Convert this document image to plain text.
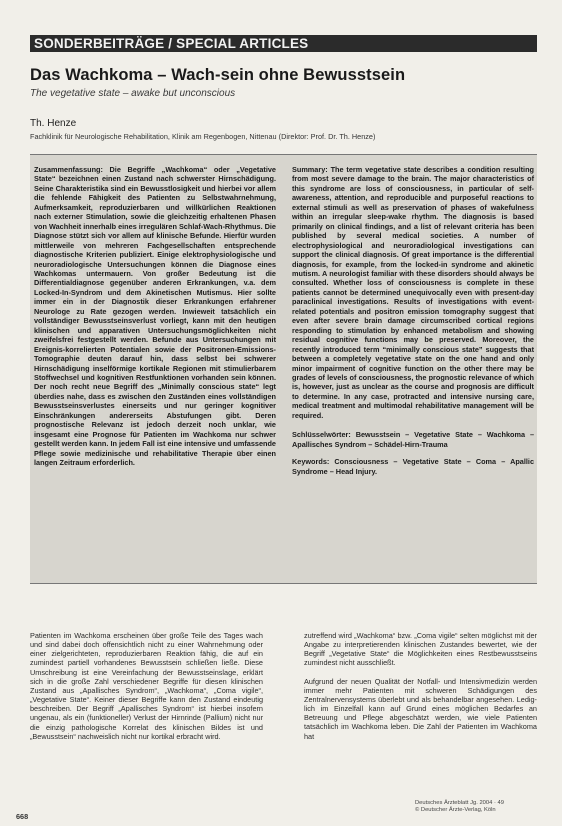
SONDERBEITRÄGE / SPECIAL ARTICLES
Das Wachkoma – Wach-sein ohne Bewusstsein
The vegetative state – awake but unconscious
Th. Henze
Fachklinik für Neurologische Rehabilitation, Klinik am Regenbogen, Nittenau (Direktor: Prof. Dr. Th. Henze)

Zusammenfassung: Die Begriffe „Wachkoma“ oder „Vegetative State“ bezeichnen einen Zustand nach schwerster Hirnschädigung. Seine Charakteristika sind ein Bewusstlosigkeit und hierbei vor allem die fehlende Fähigkeit des Patienten zu Selbstwahrnehmung, Aufmerksamkeit, reproduzierbaren und willkürlichen Reaktionen nach externer Stimulation, sowie die gleichzeitig erhaltenen Phasen von Wachheit innerhalb eines irregulären Schlaf-Wach-Rhythmus. Die Diagnose stützt sich vor allem auf klinische Befunde. Hierfür wurden mittlerweile von mehreren Fachgesellschaften entsprechende diagnostische Kriterien publiziert. Einige elektrophysiologische und neuroradiologische Untersuchungen können die Diagnose eines Wachkomas untermauern. Von großer Bedeutung ist die Differentialdiagnose gegenüber anderen Erkrankungen, v.a. dem Locked-In-Syndrom und dem Akinetischen Mutismus. Hier sollte immer ein in der Diagnostik dieser Erkrankungen erfahrener Neurologe zu Rate gezogen werden. Inwieweit tatsächlich ein vollständiger Bewusstseinsverlust vorliegt, kann mit den heutigen klinischen und apparativen Untersuchungsmöglichkeiten nicht zweifelsfrei festgestellt werden. Befunde aus Untersuchungen mit Ereignis-korrelierten Potentialen sowie der Positronen-Emissions-Tomographie deuten darauf hin, dass selbst bei schwerer Hirnschädigung inselförmige kortikale Regionen mit stimulierbarem Stoffwechsel und kognitiven Restfunktionen vorhanden sein können. Der noch recht neue Begriff des „Minimally conscious state“ legt überdies nahe, dass es zwischen den Zuständen eines vollständigen Bewusstseinsverlustes einerseits und nur geringer kognitiver Einschränkungen andererseits Abstufungen gibt. Deren prognostische Relevanz ist jedoch derzeit noch unklar, wie insgesamt eine Prognose für Patienten im Wachkoma nur schwer gestellt werden kann. In jedem Fall ist eine intensive und umfassende Pflege sowie medizinische und rehabilitative Therapie über einen langen Zeitraum erforderlich.

Summary: The term vegetative state describes a condition resulting from most severe damage to the brain. The major characteristics of this syndrome are loss of consciousness, in particular of self-awareness, attention, and reproducible and purposeful reactions to external stimuli as well as preservation of phases of wakefulness within an irregular sleep-wake rhythm. The diagnosis is based primarily on clinical findings, and a list of relevant criteria has been published by several medical societies. A number of electrophysiological and neuroradiological investigations can support the clinical diagnosis. Of great importance is the differential diagnosis, for example, from the locked-in syndrome and akinetic mutism. A neurologist familiar with these disorders should always be consulted. Whether loss of consciousness is complete in these patients cannot be determined unequivocally even with present-day paraclinical investigations. Results of investigations with event-related potentials and positron emission tomography suggest that even after severe brain damage circumscribed cortical regions responding to stimulation by enhanced metabolism and showing residual cognitive functions may be preserved. Moreover, the recently introduced term “minimally conscious state” suggests that between a completely vegetative state on the one hand and only minor impairment of cognitive function on the other there may be grades of levels of consciousness, the prognostic relevance of which is, however, just as unclear as the course and prognosis are difficult to determine. In any case, protracted and intensive nursing care, medical treatment and multimodal rehabilitative management will be required.

Schlüsselwörter: Bewusstsein – Vegetative State – Wachkoma – Apallisches Syndrom – Schädel-Hirn-Trauma

Keywords: Consciousness – Vegetative State – Coma – Apallic Syndrome – Head Injury.

Patienten im Wachkoma erscheinen über große Teile des Tages wach und sind dabei doch offensichtlich nicht zu einer Wahrnehmung oder einer zielgerichteten, reproduzierbaren Reaktion fähig, die auf ein zumindest partiell vorhandenes Bewusstsein schließen ließe. Diese Umschreibung ist eine Vereinfachung der Bewusstseinslage, erklärt sich in die große Zahl verschiedener Begriffe für diesen klinischen Zustand aus „Apallisches Syndrom“, „Wachkoma“, „Coma vigile“, „Vegetative State“. Keiner dieser Begriffe kann den Zustand eindeutig beschreiben. Der Begriff „Apallisches Syndrom“ ist hierbei insofern ungenau, als ein (funktioneller) Verlust der Hirnrinde (Pallium) nicht nur die einzig pathologische Korrelat des klinischen Bildes ist und „Bewusstsein“ nachweislich nicht nur kortikal erbracht wird.

zutreffend wird „Wachkoma“ bzw. „Coma vigile“ selten möglichst mit der Angabe zu interpretierenden klinischen Zustandes bewertet, wie der Begriff „Vegetative State“ die Möglichkeiten eines Restbewusstseins zumindest nicht ausschließt.

Aufgrund der neuen Qualität der Notfall- und Intensivmedizin werden immer mehr Patienten mit schweren Schädigungen des Zentralnervensystems überlebt und als behandelbar angesehen. Ledig- lich im Einzelfall kann auf Grund eines möglichen Bedarfes an Betreuung und Pflege abgeschätzt werden, wie viele Patienten tatsächlich im Wachkoma leben. Die Zahl der Patienten im Wachkoma hat

668
Deutsches Ärzteblatt Jg. 2004 · 49
© Deutscher Ärzte-Verlag, Köln
